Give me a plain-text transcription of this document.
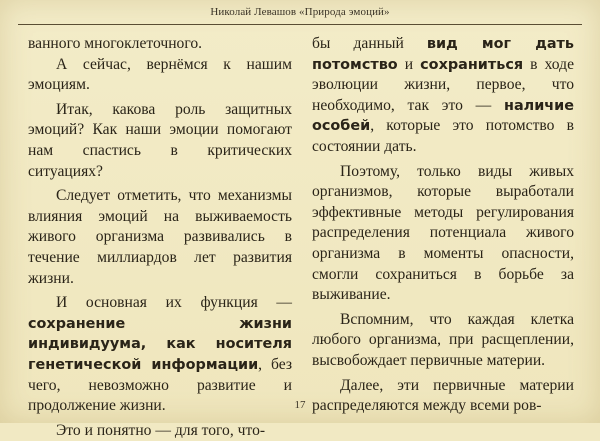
Николай Левашов «Природа эмоций»

ванного многоклеточного.

А сейчас, вернёмся к нашим эмоциям.

Итак, какова роль защитных эмоций? Как наши эмоции помогают нам спастись в критических ситуациях?

Следует отметить, что механизмы влияния эмоций на выживаемость живого организма развивались в течение миллиардов лет развития жизни.

И основная их функция — сохранение жизни индивидуума, как носителя генетической информации, без чего, невозможно развитие и продолжение жизни.

Это и понятно — для того, что-

бы данный вид мог дать потомство и сохраниться в ходе эволюции жизни, первое, что необходимо, так это — наличие особей, которые это потомство в состоянии дать.

Поэтому, только виды живых организмов, которые выработали эффективные методы регулирования распределения потенциала живого организма в моменты опасности, смогли сохраниться в борьбе за выживание.

Вспомним, что каждая клетка любого организма, при расщеплении, высвобождает первичные материи.

Далее, эти первичные материи распределяются между всеми ров-

17
